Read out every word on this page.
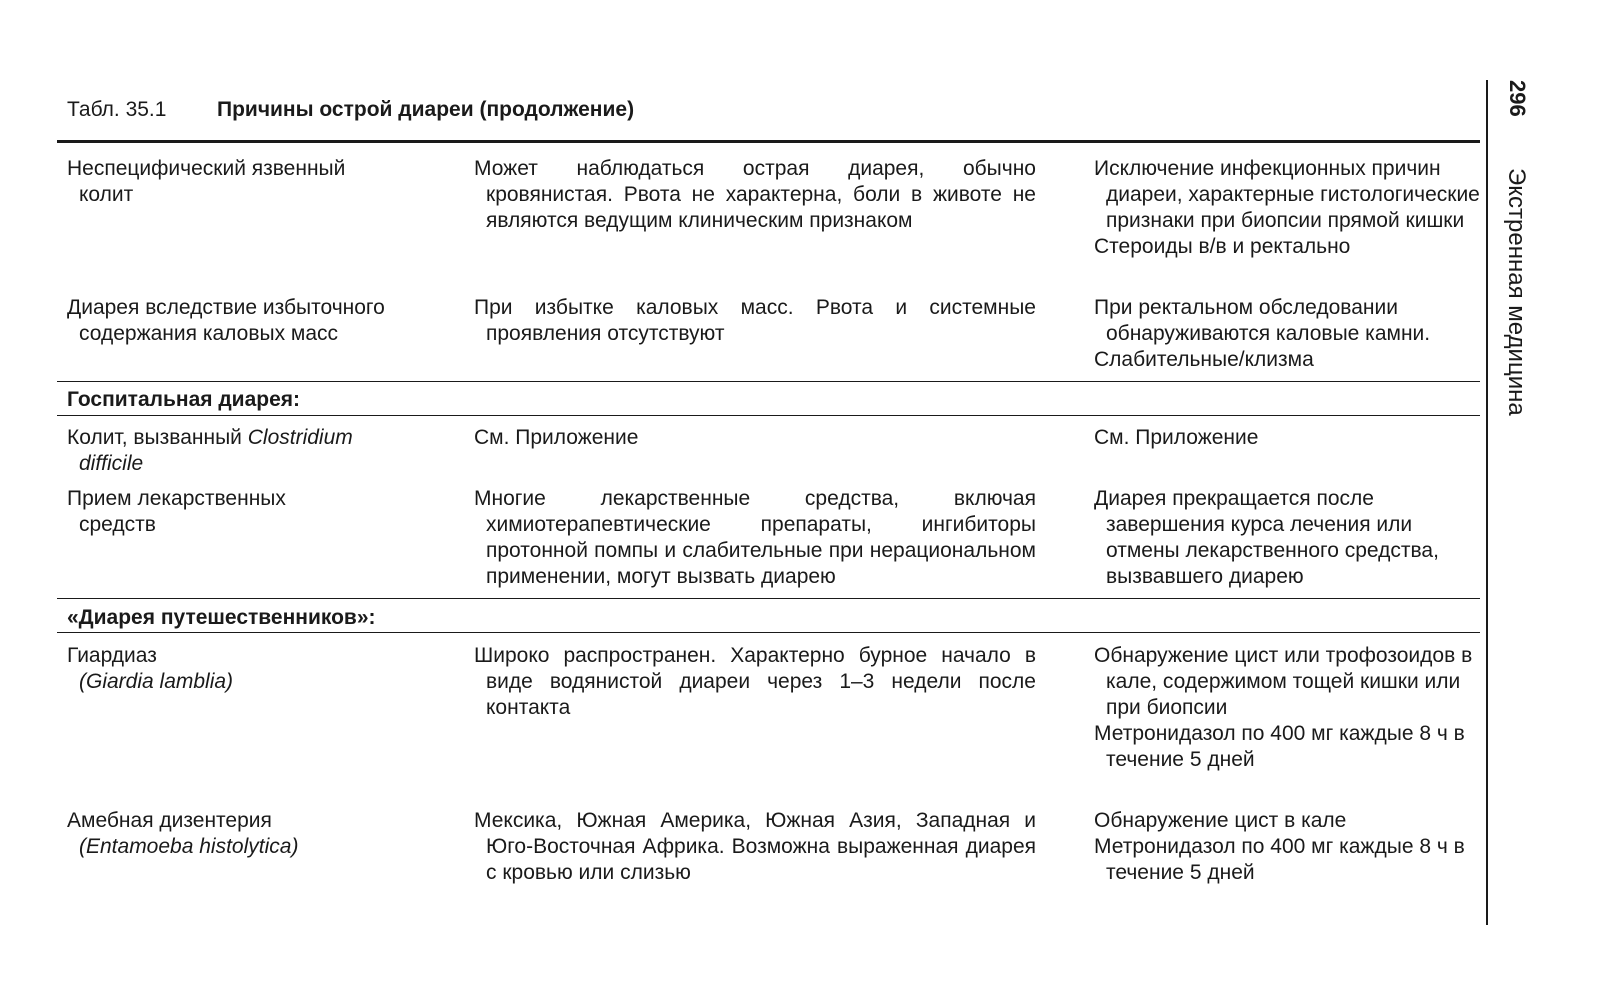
Табл. 35.1 Причины острой диареи (продолжение)
Неспецифический язвенный
колит
Может наблюдаться острая диарея, обычно кровянистая. Рвота не характерна, боли в животе не являются ведущим клиническим признаком
Исключение инфекционных причин диареи, характерные гистологические признаки при биопсии прямой кишки
Стероиды в/в и ректально
Диарея вследствие избыточного
содержания каловых масс
При избытке каловых масс. Рвота и системные проявления отсутствуют
При ректальном обследовании обнаруживаются каловые камни.
Слабительные/клизма
Госпитальная диарея:
Колит, вызванный Clostridium
difficile
См. Приложение	См. Приложение
Прием лекарственных
средств
Многие лекарственные средства, включая химиотерапевтические препараты, ингибиторы протонной помпы и слабительные при нерациональном применении, могут вызвать диарею
Диарея прекращается после завершения курса лечения или отмены лекарственного средства, вызвавшего диарею
«Диарея путешественников»:
Гиардиаз
(Giardia lamblia)
Широко распространен. Характерно бурное начало в виде водянистой диареи через 1–3 недели после контакта
Обнаружение цист или трофозоидов в кале, содержимом тощей кишки или при биопсии
Метронидазол по 400 мг каждые 8 ч в течение 5 дней
Амебная дизентерия
(Entamoeba histolytica)
Мексика, Южная Америка, Южная Азия, Западная и Юго-Восточная Африка. Возможна выраженная диарея с кровью или слизью
Обнаружение цист в кале
Метронидазол по 400 мг каждые 8 ч в течение 5 дней
296
Экстренная медицина
